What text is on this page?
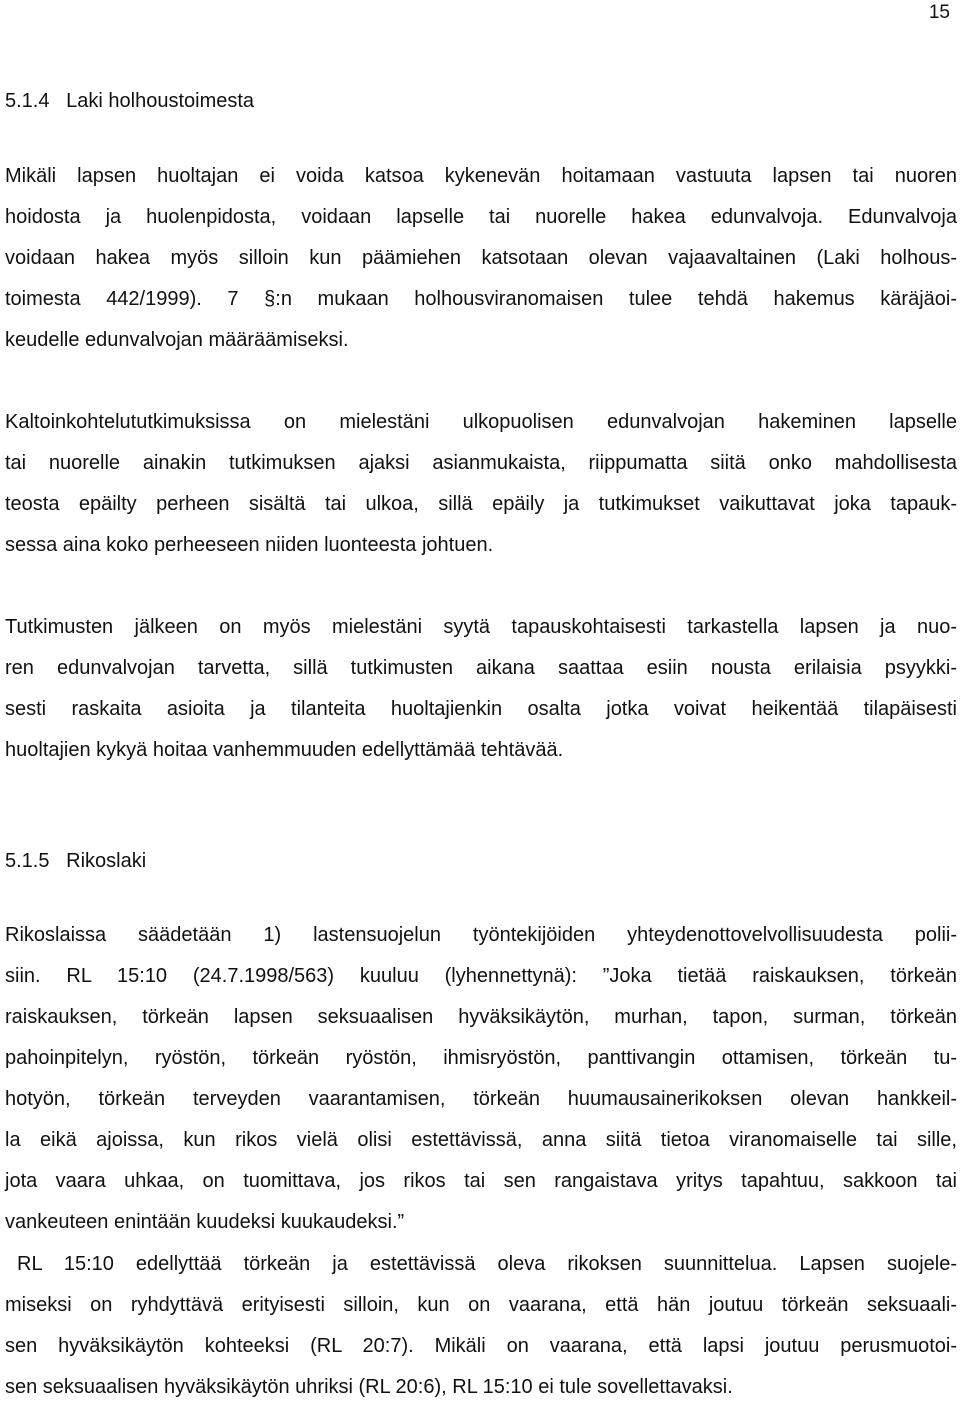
15
5.1.4   Laki holhoustoimesta
Mikäli lapsen huoltajan ei voida katsoa kykenevän hoitamaan vastuuta lapsen tai nuoren
hoidosta ja huolenpidosta, voidaan lapselle tai nuorelle hakea edunvalvoja. Edunvalvoja
voidaan hakea myös silloin kun päämiehen katsotaan olevan vajaavaltainen (Laki holhous-
toimesta 442/1999). 7 §:n mukaan holhousviranomaisen tulee tehdä hakemus käräjäoi-
keudelle edunvalvojan määräämiseksi.
Kaltoinkohtelututkimuksissa on mielestäni ulkopuolisen edunvalvojan hakeminen lapselle
tai nuorelle ainakin tutkimuksen ajaksi asianmukaista, riippumatta siitä onko mahdollisesta
teosta epäilty perheen sisältä tai ulkoa, sillä epäily ja tutkimukset vaikuttavat joka tapauk-
sessa aina koko perheeseen niiden luonteesta johtuen.
Tutkimusten jälkeen on myös mielestäni syytä tapauskohtaisesti tarkastella lapsen ja nuo-
ren edunvalvojan tarvetta, sillä tutkimusten aikana saattaa esiin nousta erilaisia psyykki-
sesti raskaita asioita ja tilanteita huoltajienkin osalta jotka voivat heikentää tilapäisesti
huoltajien kykyä hoitaa vanhemmuuden edellyttämää tehtävää.
5.1.5   Rikoslaki
Rikoslaissa säädetään 1) lastensuojelun työntekijöiden yhteydenottovelvollisuudesta polii-
siin. RL 15:10 (24.7.1998/563) kuuluu (lyhennettynä): ”Joka tietää raiskauksen, törkeän
raiskauksen, törkeän lapsen seksuaalisen hyväksikäytön, murhan, tapon, surman, törkeän
pahoinpitelyn, ryöstön, törkeän ryöstön, ihmisryöstön, panttivangin ottamisen, törkeän tu-
hotyön, törkeän terveyden vaarantamisen, törkeän huumausainerikoksen olevan hankkeil-
la eikä ajoissa, kun rikos vielä olisi estettävissä, anna siitä tietoa viranomaiselle tai sille,
jota vaara uhkaa, on tuomittava, jos rikos tai sen rangaistava yritys tapahtuu, sakkoon tai
vankeuteen enintään kuudeksi kuukaudeksi.”
RL 15:10 edellyttää törkeän ja estettävissä oleva rikoksen suunnittelua. Lapsen suojele-
miseksi on ryhdyttävä erityisesti silloin, kun on vaarana, että hän joutuu törkeän seksuaali-
sen hyväksikäytön kohteeksi (RL 20:7). Mikäli on vaarana, että lapsi joutuu perusmuotoi-
sen seksuaalisen hyväksikäytön uhriksi (RL 20:6), RL 15:10 ei tule sovellettavaksi.
